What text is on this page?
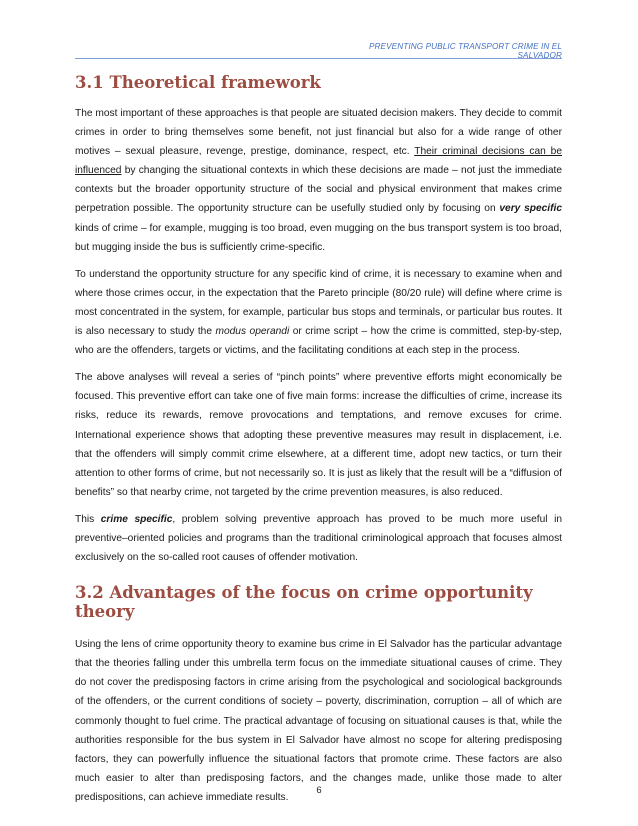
PREVENTING PUBLIC TRANSPORT CRIME IN EL SALVADOR
3.1 Theoretical framework

The most important of these approaches is that people are situated decision makers. They decide to commit crimes in order to bring themselves some benefit, not just financial but also for a wide range of other motives – sexual pleasure, revenge, prestige, dominance, respect, etc. Their criminal decisions can be influenced by changing the situational contexts in which these decisions are made – not just the immediate contexts but the broader opportunity structure of the social and physical environment that makes crime perpetration possible. The opportunity structure can be usefully studied only by focusing on very specific kinds of crime – for example, mugging is too broad, even mugging on the bus transport system is too broad, but mugging inside the bus is sufficiently crime-specific.

To understand the opportunity structure for any specific kind of crime, it is necessary to examine when and where those crimes occur, in the expectation that the Pareto principle (80/20 rule) will define where crime is most concentrated in the system, for example, particular bus stops and terminals, or particular bus routes. It is also necessary to study the modus operandi or crime script – how the crime is committed, step-by-step, who are the offenders, targets or victims, and the facilitating conditions at each step in the process.

The above analyses will reveal a series of “pinch points” where preventive efforts might economically be focused. This preventive effort can take one of five main forms: increase the difficulties of crime, increase its risks, reduce its rewards, remove provocations and temptations, and remove excuses for crime. International experience shows that adopting these preventive measures may result in displacement, i.e. that the offenders will simply commit crime elsewhere, at a different time, adopt new tactics, or turn their attention to other forms of crime, but not necessarily so. It is just as likely that the result will be a “diffusion of benefits” so that nearby crime, not targeted by the crime prevention measures, is also reduced.

This crime specific, problem solving preventive approach has proved to be much more useful in preventive–oriented policies and programs than the traditional criminological approach that focuses almost exclusively on the so-called root causes of offender motivation.

3.2 Advantages of the focus on crime opportunity theory

Using the lens of crime opportunity theory to examine bus crime in El Salvador has the particular advantage that the theories falling under this umbrella term focus on the immediate situational causes of crime. They do not cover the predisposing factors in crime arising from the psychological and sociological backgrounds of the offenders, or the current conditions of society – poverty, discrimination, corruption – all of which are commonly thought to fuel crime. The practical advantage of focusing on situational causes is that, while the authorities responsible for the bus system in El Salvador have almost no scope for altering predisposing factors, they can powerfully influence the situational factors that promote crime. These factors are also much easier to alter than predisposing factors, and the changes made, unlike those made to alter predispositions, can achieve immediate results.

6
